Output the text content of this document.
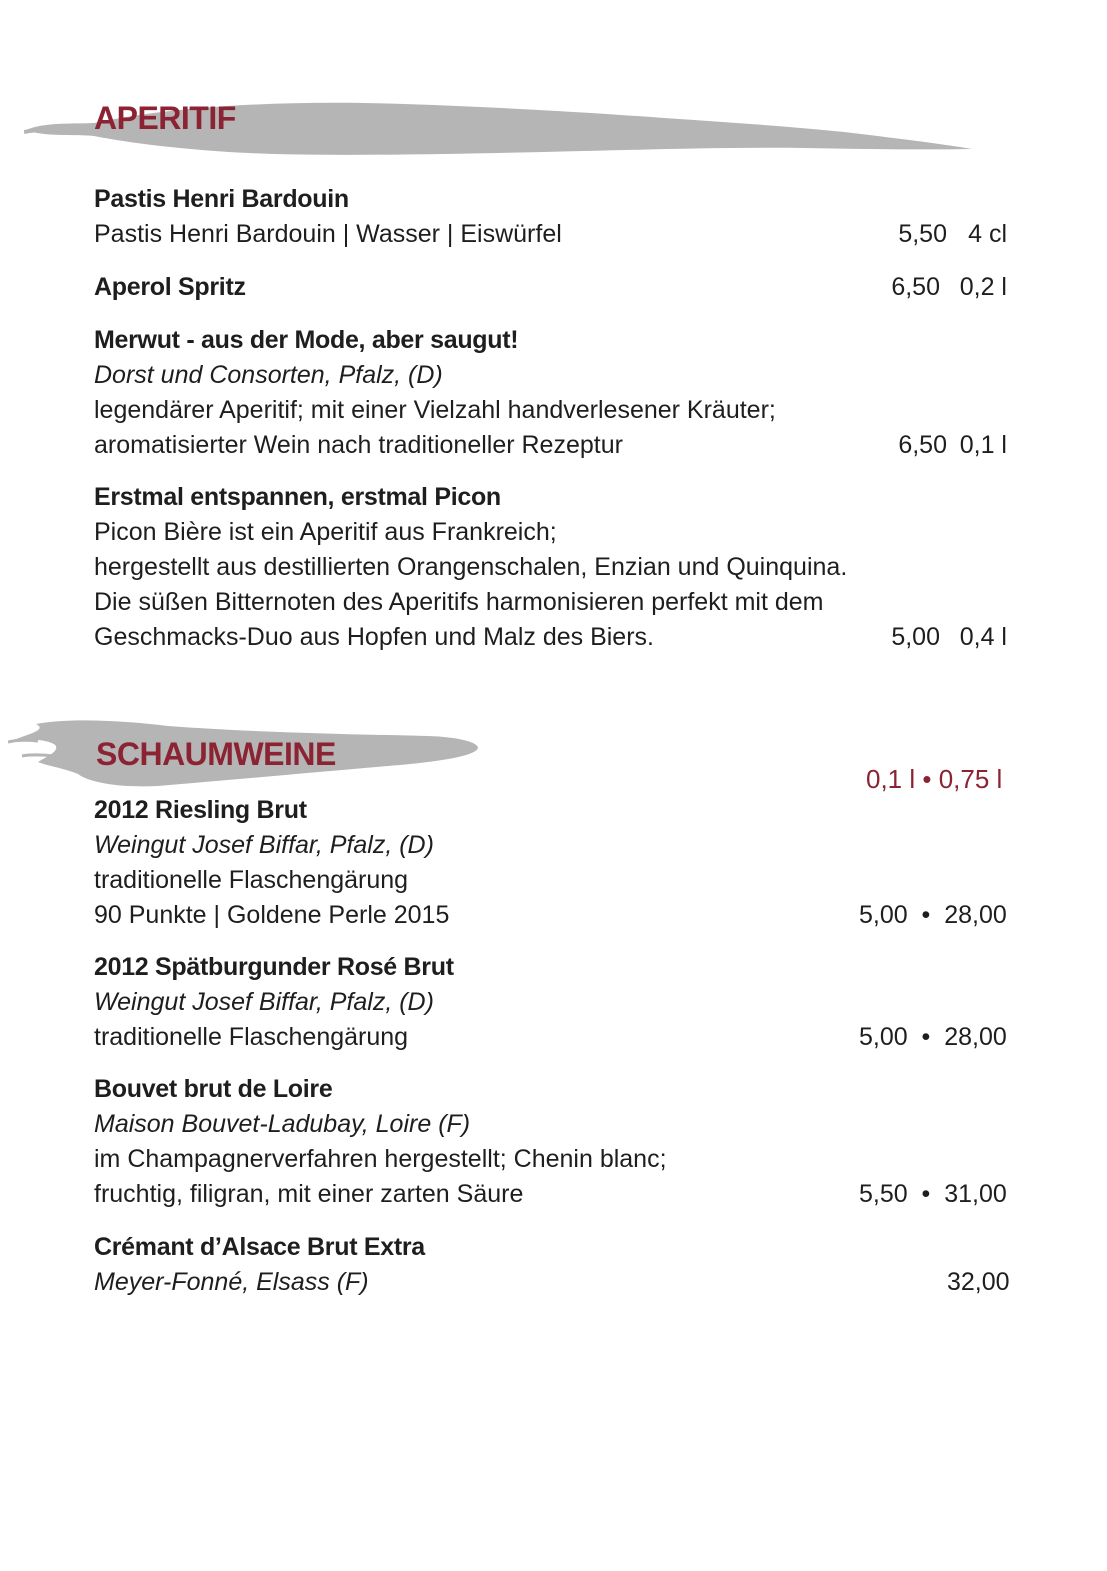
APERITIF
Pastis Henri Bardouin
Pastis Henri Bardouin | Wasser | Eiswürfel	5,50 4 cl
Aperol Spritz	6,50 0,2 l
Merwut - aus der Mode, aber saugut!
Dorst und Consorten, Pfalz, (D)
legendärer Aperitif; mit einer Vielzahl handverlesener Kräuter;
aromatisierter Wein nach traditioneller Rezeptur	6,50 0,1 l
Erstmal entspannen, erstmal Picon
Picon Bière ist ein Aperitif aus Frankreich;
hergestellt aus destillierten Orangenschalen, Enzian und Quinquina.
Die süßen Bitternoten des Aperitifs harmonisieren perfekt mit dem
Geschmacks-Duo aus Hopfen und Malz des Biers.	5,00 0,4 l
SCHAUMWEINE
0,1 l • 0,75 l
2012 Riesling Brut
Weingut Josef Biffar, Pfalz, (D)
traditionelle Flaschengärung
90 Punkte | Goldene Perle 2015	5,00  •  28,00
2012 Spätburgunder Rosé Brut
Weingut Josef Biffar, Pfalz, (D)
traditionelle Flaschengärung	5,00  •  28,00
Bouvet brut de Loire
Maison Bouvet-Ladubay, Loire (F)
im Champagnerverfahren hergestellt; Chenin blanc;
fruchtig, filigran, mit einer zarten Säure	5,50  •  31,00
Crémant d’Alsace Brut Extra
Meyer-Fonné, Elsass (F)	32,00
